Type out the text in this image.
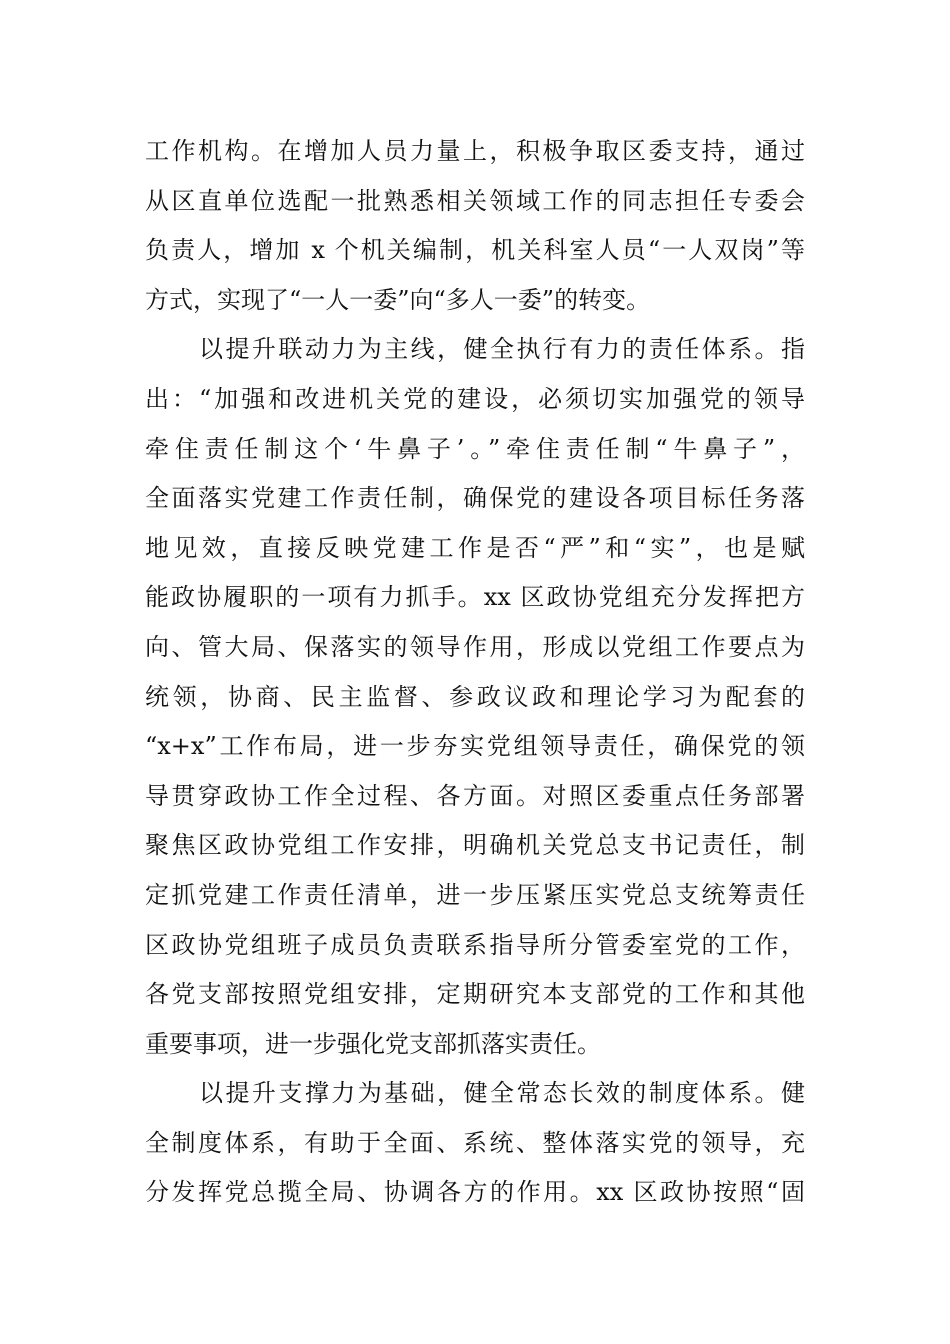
工作机构。在增加人员力量上，积极争取区委支持，通过
从区直单位选配一批熟悉相关领域工作的同志担任专委会
负责人，增加 x 个机关编制，机关科室人员“一人双岗”等
方式，实现了“一人一委”向“多人一委”的转变。
以提升联动力为主线，健全执行有力的责任体系。指
出：“加强和改进机关党的建设，必须切实加强党的领导
牵住责任制这个‘牛鼻子’。”牵住责任制“牛鼻子”，
全面落实党建工作责任制，确保党的建设各项目标任务落
地见效，直接反映党建工作是否“严”和“实”，也是赋
能政协履职的一项有力抓手。xx 区政协党组充分发挥把方
向、管大局、保落实的领导作用，形成以党组工作要点为
统领，协商、民主监督、参政议政和理论学习为配套的
“x+x”工作布局，进一步夯实党组领导责任，确保党的领
导贯穿政协工作全过程、各方面。对照区委重点任务部署
聚焦区政协党组工作安排，明确机关党总支书记责任，制
定抓党建工作责任清单，进一步压紧压实党总支统筹责任
区政协党组班子成员负责联系指导所分管委室党的工作，
各党支部按照党组安排，定期研究本支部党的工作和其他
重要事项，进一步强化党支部抓落实责任。
以提升支撑力为基础，健全常态长效的制度体系。健
全制度体系，有助于全面、系统、整体落实党的领导，充
分发挥党总揽全局、协调各方的作用。xx 区政协按照“固
